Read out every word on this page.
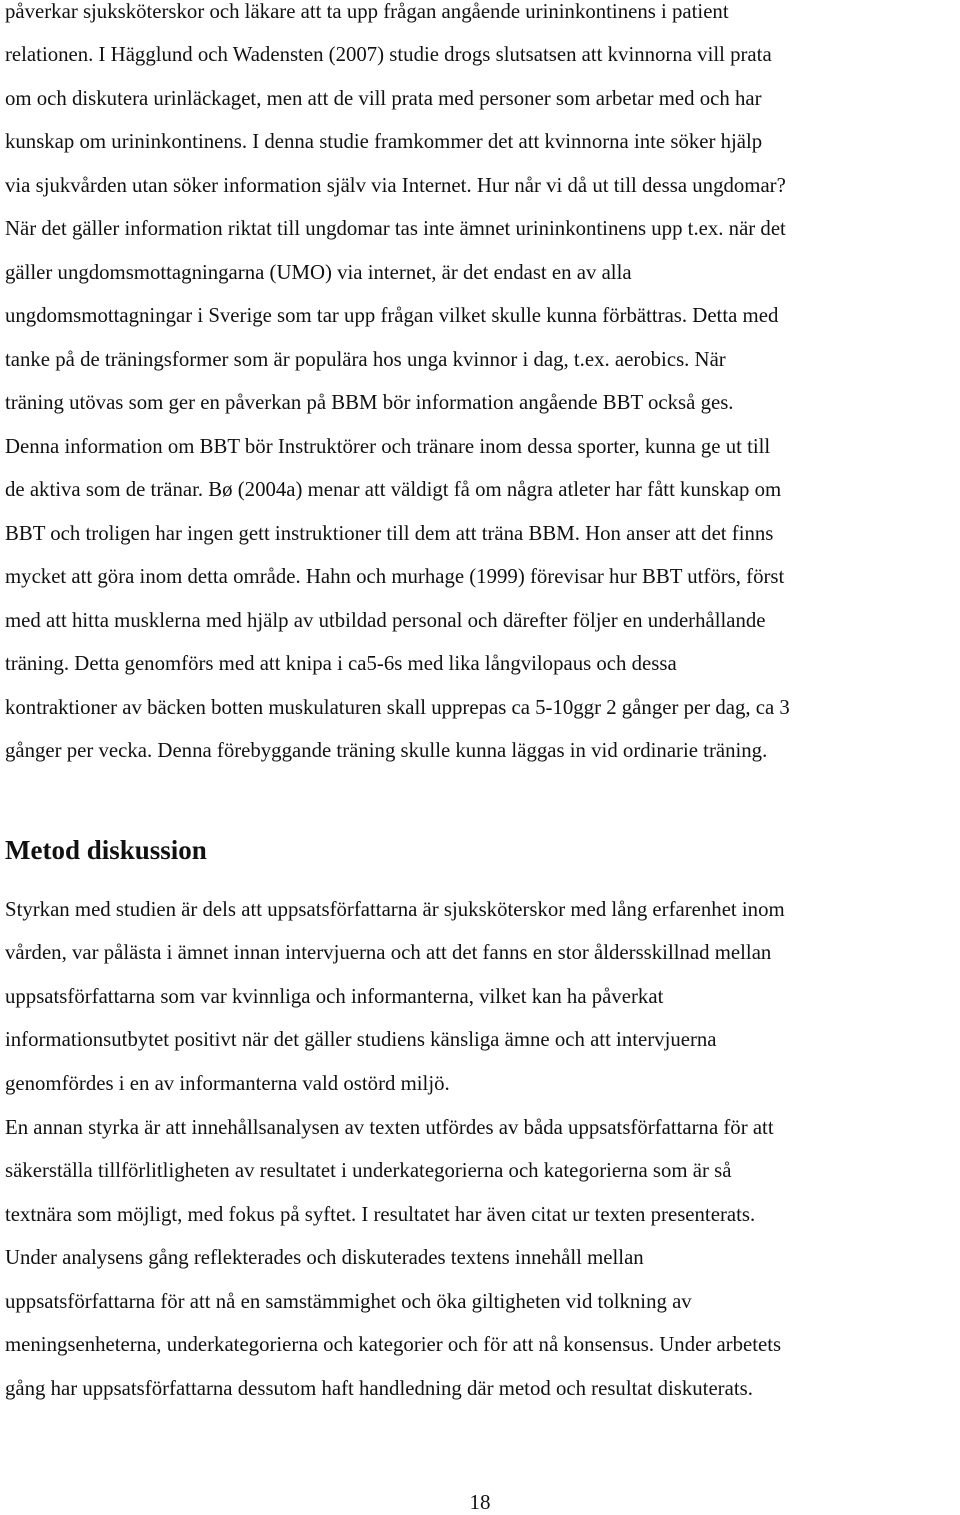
påverkar sjuksköterskor och läkare att ta upp frågan angående urininkontinens i patient
relationen. I Hägglund och Wadensten (2007) studie drogs slutsatsen att kvinnorna vill prata
om och diskutera urinläckaget, men att de vill prata med personer som arbetar med och har
kunskap om urininkontinens. I denna studie framkommer det att kvinnorna inte söker hjälp
via sjukvården utan söker information själv via Internet. Hur når vi då ut till dessa ungdomar?
När det gäller information riktat till ungdomar tas inte ämnet urininkontinens upp t.ex. när det
gäller ungdomsmottagningarna (UMO) via internet, är det endast en av alla
ungdomsmottagningar i Sverige som tar upp frågan vilket skulle kunna förbättras. Detta med
tanke på de träningsformer som är populära hos unga kvinnor i dag, t.ex. aerobics. När
träning utövas som ger en påverkan på BBM bör information angående BBT också ges.
Denna information om BBT bör Instruktörer och tränare inom dessa sporter, kunna ge ut till
de aktiva som de tränar. Bø (2004a) menar att väldigt få om några atleter har fått kunskap om
BBT och troligen har ingen gett instruktioner till dem att träna BBM. Hon anser att det finns
mycket att göra inom detta område. Hahn och murhage (1999) förevisar hur BBT utförs, först
med att hitta musklerna med hjälp av utbildad personal och därefter följer en underhållande
träning. Detta genomförs med att knipa i ca5-6s med lika långvilopaus och dessa
kontraktioner av bäcken botten muskulaturen skall upprepas ca 5-10ggr 2 gånger per dag, ca 3
gånger per vecka. Denna förebyggande träning skulle kunna läggas in vid ordinarie träning.
Metod diskussion
Styrkan med studien är dels att uppsatsförfattarna är sjuksköterskor med lång erfarenhet inom
vården, var pålästa i ämnet innan intervjuerna och att det fanns en stor åldersskillnad mellan
uppsatsförfattarna som var kvinnliga och informanterna, vilket kan ha påverkat
informationsutbytet positivt när det gäller studiens känsliga ämne och att intervjuerna
genomfördes i en av informanterna vald ostörd miljö.
En annan styrka är att innehållsanalysen av texten utfördes av båda uppsatsförfattarna för att
säkerställa tillförlitligheten av resultatet i underkategorierna och kategorierna som är så
textnära som möjligt, med fokus på syftet. I resultatet har även citat ur texten presenterats.
Under analysens gång reflekterades och diskuterades textens innehåll mellan
uppsatsförfattarna för att nå en samstämmighet och öka giltigheten vid tolkning av
meningsenheterna, underkategorierna och kategorier och för att nå konsensus. Under arbetets
gång har uppsatsförfattarna dessutom haft handledning där metod och resultat diskuterats.
18
